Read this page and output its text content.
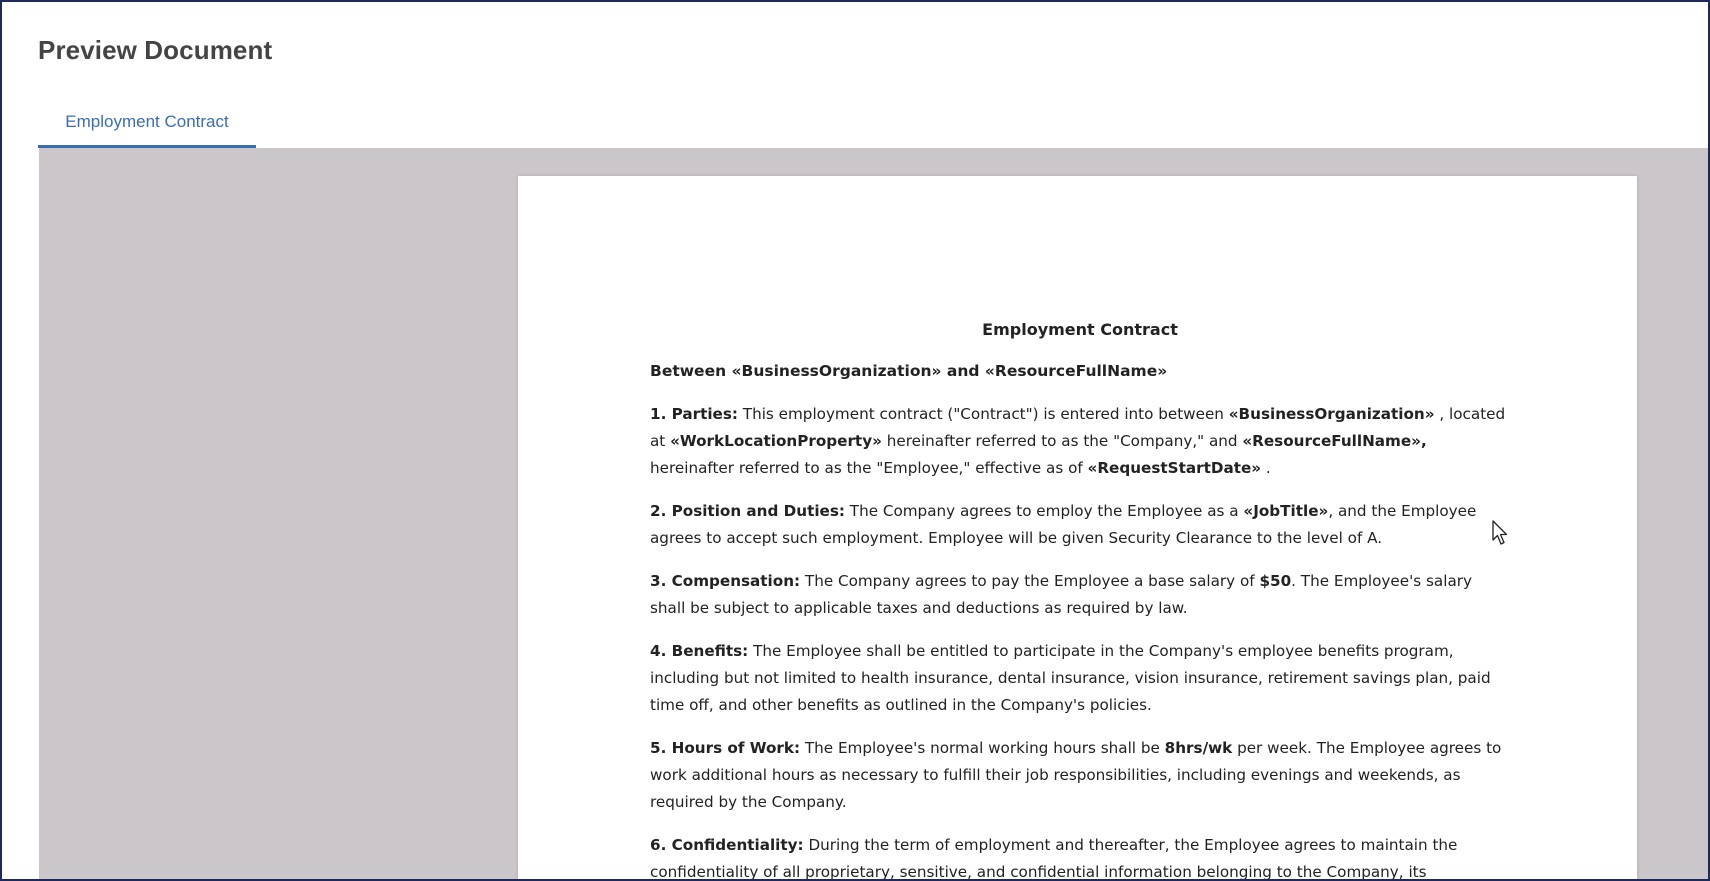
Preview Document
Employment Contract
Employment Contract
Between «BusinessOrganization» and «ResourceFullName»

1. Parties: This employment contract ("Contract") is entered into between «BusinessOrganization» , located at «WorkLocationProperty» hereinafter referred to as the "Company," and «ResourceFullName», hereinafter referred to as the "Employee," effective as of «RequestStartDate» .

2. Position and Duties: The Company agrees to employ the Employee as a «JobTitle», and the Employee agrees to accept such employment. Employee will be given Security Clearance to the level of A.

3. Compensation: The Company agrees to pay the Employee a base salary of $50. The Employee's salary shall be subject to applicable taxes and deductions as required by law.

4. Benefits: The Employee shall be entitled to participate in the Company's employee benefits program, including but not limited to health insurance, dental insurance, vision insurance, retirement savings plan, paid time off, and other benefits as outlined in the Company's policies.

5. Hours of Work: The Employee's normal working hours shall be 8hrs/wk per week. The Employee agrees to work additional hours as necessary to fulfill their job responsibilities, including evenings and weekends, as required by the Company.

6. Confidentiality: During the term of employment and thereafter, the Employee agrees to maintain the confidentiality of all proprietary, sensitive, and confidential information belonging to the Company, its
